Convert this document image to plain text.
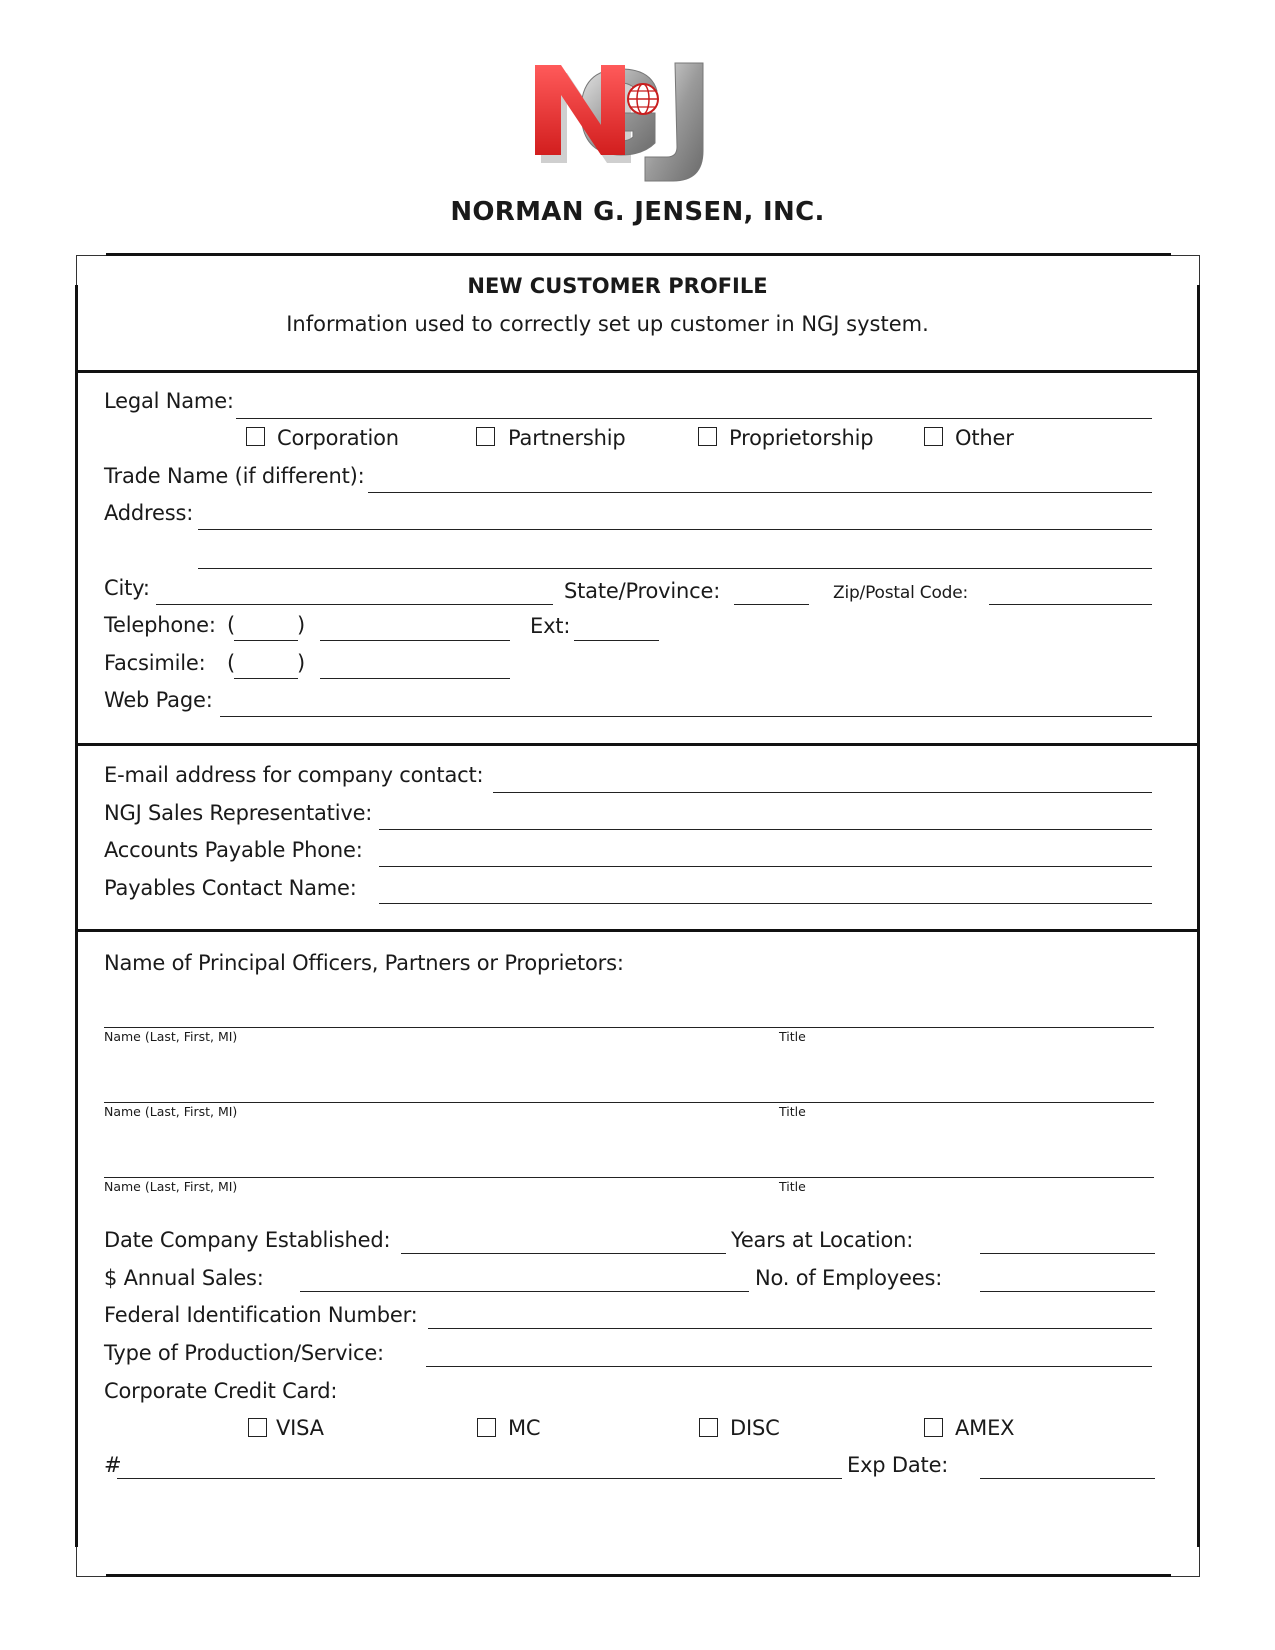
NORMAN G. JENSEN, INC.
NEW CUSTOMER PROFILE
Information used to correctly set up customer in NGJ system.
Legal Name:
Corporation	Partnership	Proprietorship	Other
Trade Name (if different):
Address:
City:	State/Province:	Zip/Postal Code:
Telephone: (	)	Ext:
Facsimile: (	)
Web Page:
E-mail address for company contact:
NGJ Sales Representative:
Accounts Payable Phone:
Payables Contact Name:
Name of Principal Officers, Partners or Proprietors:
Name (Last, First, MI)	Title
Name (Last, First, MI)	Title
Name (Last, First, MI)	Title
Date Company Established:	Years at Location:
$ Annual Sales:	No. of Employees:
Federal Identification Number:
Type of Production/Service:
Corporate Credit Card:
VISA	MC	DISC	AMEX
#	Exp Date:
